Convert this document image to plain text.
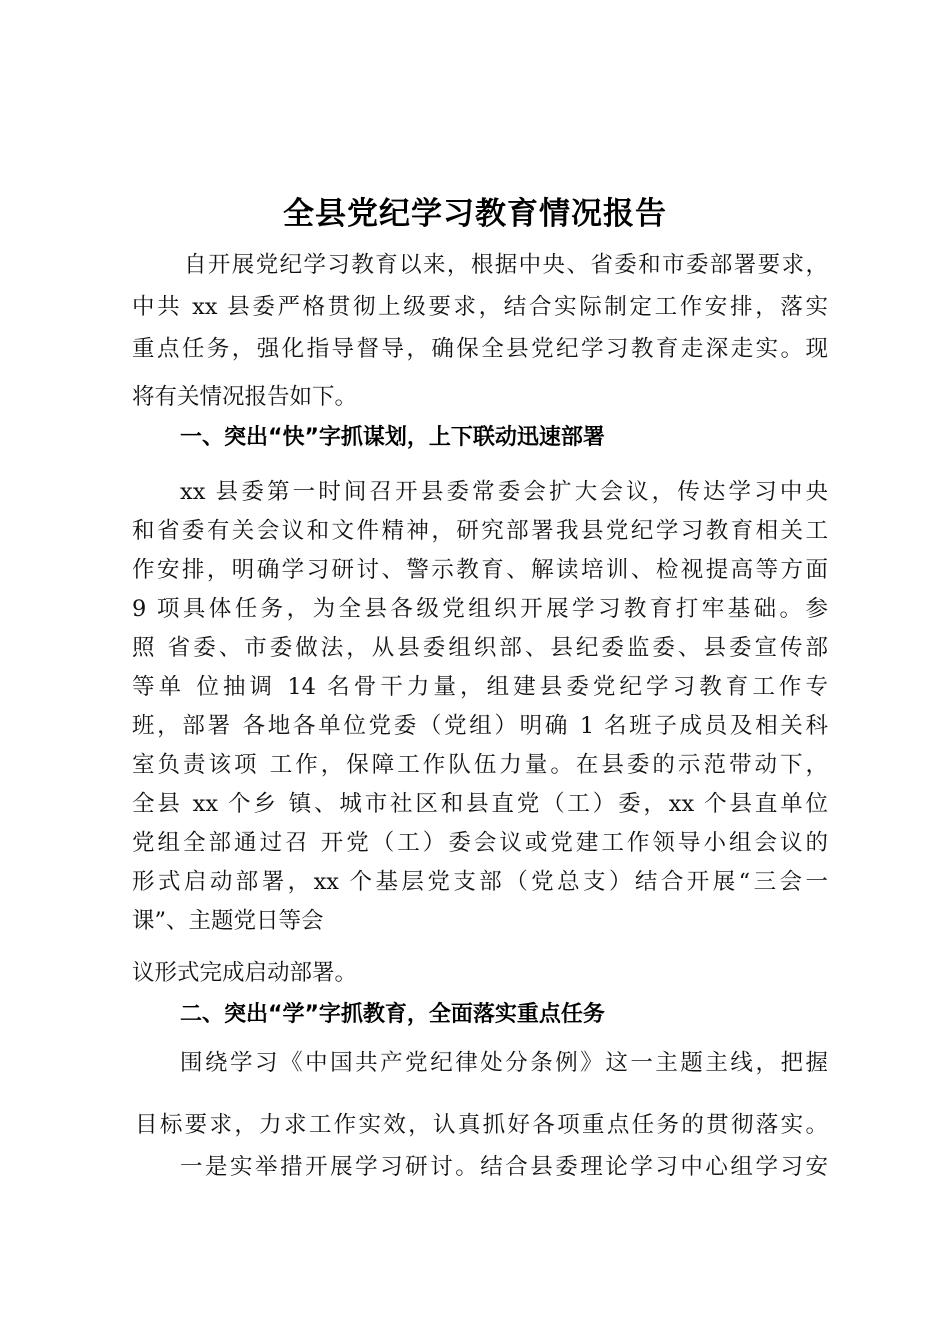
全县党纪学习教育情况报告
自开展党纪学习教育以来，根据中央、省委和市委部署要求，
中共 xx 县委严格贯彻上级要求，结合实际制定工作安排，落实
重点任务，强化指导督导，确保全县党纪学习教育走深走实。现
将有关情况报告如下。
一、突出“快”字抓谋划，上下联动迅速部署
xx 县委第一时间召开县委常委会扩大会议，传达学习中央
和省委有关会议和文件精神，研究部署我县党纪学习教育相关工
作安排，明确学习研讨、警示教育、解读培训、检视提高等方面
9 项具体任务，为全县各级党组织开展学习教育打牢基础。参
照 省委、市委做法，从县委组织部、县纪委监委、县委宣传部
等单 位抽调 14 名骨干力量，组建县委党纪学习教育工作专
班，部署 各地各单位党委（党组）明确 1 名班子成员及相关科
室负责该项 工作，保障工作队伍力量。在县委的示范带动下，
全县 xx 个乡 镇、城市社区和县直党（工）委，xx 个县直单位
党组全部通过召 开党（工）委会议或党建工作领导小组会议的
形式启动部署，xx 个基层党支部（党总支）结合开展“三会一
课”、主题党日等会
议形式完成启动部署。
二、突出“学”字抓教育，全面落实重点任务
围绕学习《中国共产党纪律处分条例》这一主题主线，把握
目标要求，力求工作实效，认真抓好各项重点任务的贯彻落实。
一是实举措开展学习研讨。结合县委理论学习中心组学习安
